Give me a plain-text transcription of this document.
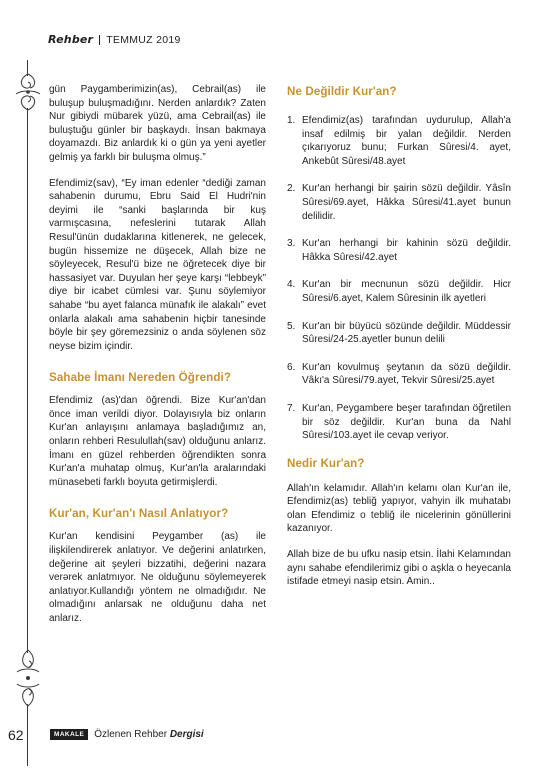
Rehber TEMMUZ 2019

gün Paygamberimizin(as), Cebrail(as) ile buluşup buluşmadığını. Nerden anlardık? Zaten Nur gibiydi mübarek yüzü, ama Cebrail(as) ile buluştuğu günler bir başkaydı. İnsan bakmaya doyamazdı. Biz anlardık ki o gün ya yeni ayetler gelmiş ya farklı bir buluşma olmuş.”

Efendimiz(sav), “Ey iman edenler “dediği zaman sahabenin durumu, Ebru Said El Hudri'nin deyimi ile “sanki başlarında bir kuş varmışcasına, nefeslerini tutarak Allah Resul'ünün dudaklarına kitlenerek, ne gelecek, bugün hissemize ne düşecek, Allah bize ne söyleyecek, Resul'ü bize ne öğretecek diye bir hassasiyet var. Duyulan her şeye karşı “lebbeyk” diye bir icabet cümlesi var. Şunu söylemiyor sahabe “bu ayet falanca münafık ile alakalı” evet onlarla alakalı ama sahabenin hiçbir tanesinde böyle bir şey göremezsiniz o anda söylenen söz neyse bizim içindir.

Sahabe İmanı Nereden Öğrendi?

Efendimiz (as)'dan öğrendi. Bize Kur'an'dan önce iman verildi diyor. Dolayısıyla biz onların Kur'an anlayışını anlamaya başladığımız an, onların rehberi Resulullah(sav) olduğunu anlarız. İmanı en güzel rehberden öğrendikten sonra Kur'an'a muhatap olmuş, Kur'an'la aralarındaki münasebeti farklı boyuta getirmişlerdi.

Kur'an, Kur'an'ı Nasıl Anlatıyor?

Kur'an kendisini Peygamber (as) ile ilişkilendirerek anlatıyor. Ve değerini anlatırken, değerine ait şeyleri bizzatihi, değerini nazara verərek anlatmıyor. Ne olduğunu söylemeyerek anlatıyor.Kullandığı yöntem ne olmadığıdır. Ne olmadığını anlarsak ne olduğunu daha net anlarız.

Ne Değildir Kur'an?
1. Efendimiz(as) tarafından uydurulup, Allah'a insaf edilmiş bir yalan değildir. Nerden çıkarıyoruz bunu; Furkan Sûresi/4. ayet, Ankebût Sûresi/48.ayet
2. Kur'an herhangi bir şairin sözü değildir. Yâsîn Sûresi/69.ayet, Hâkka Sûresi/41.ayet bunun delilidir.
3. Kur'an herhangi bir kahinin sözü değildir. Hâkka Sûresi/42.ayet
4. Kur'an bir mecnunun sözü değildir. Hicr Sûresi/6.ayet, Kalem Sûresinin ilk ayetleri
5. Kur'an bir büyücü sözünde değildir. Müddessir Sûresi/24-25.ayetler bunun delili
6. Kur'an kovulmuş şeytanın da sözü değildir. Vâkı'a Sûresi/79.ayet, Tekvir Sûresi/25.ayet
7. Kur'an, Peygambere beşer tarafından öğretilen bir söz değildir. Kur'an buna da Nahl Sûresi/103.ayet ile cevap veriyor.
Nedir Kur'an?

Allah'ın kelamıdır. Allah'ın kelamı olan Kur'an ile, Efendimiz(as) tebliğ yapıyor, vahyin ilk muhatabı olan Efendimiz o tebliğ ile nicelerinin gönüllerini kazanıyor.

Allah bize de bu ufku nasip etsin. İlahi Kelamından aynı sahabe efendilerimiz gibi o aşkla o heyecanla istifade etmeyi nasip etsin. Amin..

62	MAKALE	Özlenen Rehber Dergisi
